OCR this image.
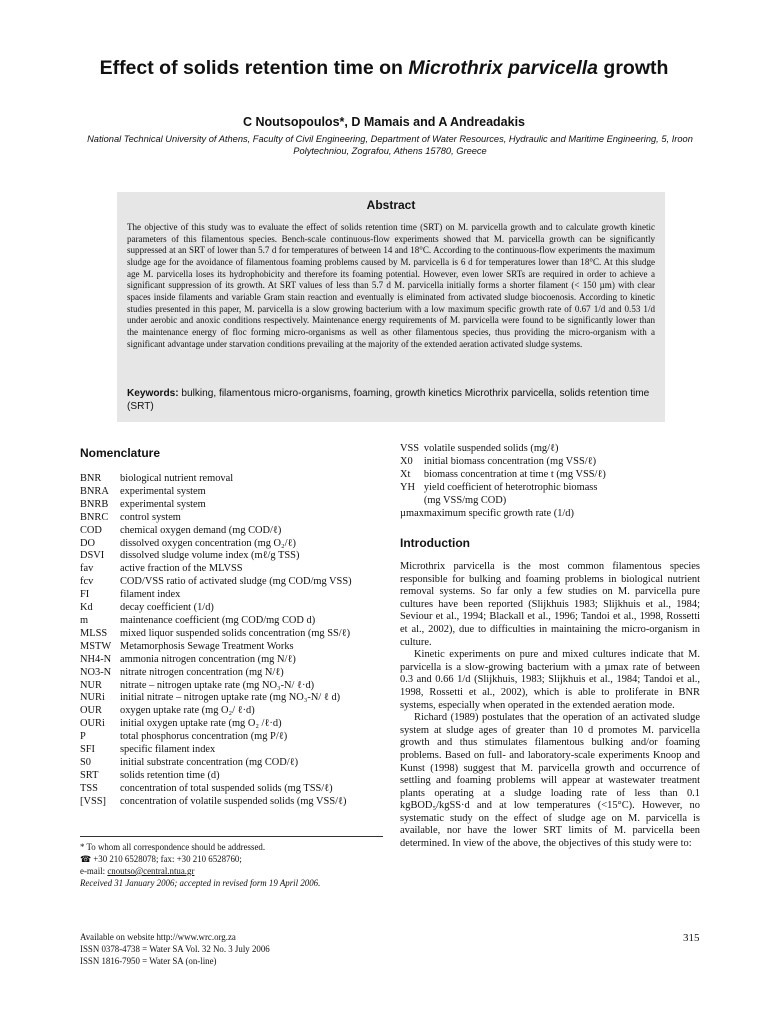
Effect of solids retention time on Microthrix parvicella growth
C Noutsopoulos*, D Mamais and A Andreadakis
National Technical University of Athens, Faculty of Civil Engineering, Department of Water Resources, Hydraulic and Maritime Engineering, 5, Iroon Polytechniou, Zografou, Athens 15780, Greece
Abstract
The objective of this study was to evaluate the effect of solids retention time (SRT) on M. parvicella growth and to calculate growth kinetic parameters of this filamentous species. Bench-scale continuous-flow experiments showed that M. parvicella growth can be significantly suppressed at an SRT of lower than 5.7 d for temperatures of between 14 and 18°C. According to the continuous-flow experiments the maximum sludge age for the avoidance of filamentous foaming problems caused by M. parvicella is 6 d for temperatures lower than 18°C. At this sludge age M. parvicella loses its hydrophobicity and therefore its foaming potential. However, even lower SRTs are required in order to achieve a significant suppression of its growth. At SRT values of less than 5.7 d M. parvicella initially forms a shorter filament (< 150 µm) with clear spaces inside filaments and variable Gram stain reaction and eventually is eliminated from activated sludge biocoenosis. According to kinetic studies presented in this paper, M. parvicella is a slow growing bacterium with a low maximum specific growth rate of 0.67 1/d and 0.53 1/d under aerobic and anoxic conditions respectively. Maintenance energy requirements of M. parvicella were found to be significantly lower than the maintenance energy of floc forming micro-organisms as well as other filamentous species, thus providing the micro-organism with a significant advantage under starvation conditions prevailing at the majority of the extended aeration activated sludge systems.
Keywords: bulking, filamentous micro-organisms, foaming, growth kinetics Microthrix parvicella, solids retention time (SRT)
Nomenclature
BNR	biological nutrient removal
BNRA	experimental system
BNRB	experimental system
BNRC	control system
COD	chemical oxygen demand (mg COD/ℓ)
DO	dissolved oxygen concentration (mg O₂/ℓ)
DSVI	dissolved sludge volume index (mℓ/g TSS)
fav	active fraction of the MLVSS
fcv	COD/VSS ratio of activated sludge (mg COD/mg VSS)
FI	filament index
Kd	decay coefficient (1/d)
m	maintenance coefficient (mg COD/mg COD d)
MLSS	mixed liquor suspended solids concentration (mg SS/ℓ)
MSTW	Metamorphosis Sewage Treatment Works
NH4-N	ammonia nitrogen concentration (mg N/ℓ)
NO3-N	nitrate nitrogen concentration (mg N/ℓ)
NUR	nitrate – nitrogen uptake rate (mg NO₃-N/ ℓ·d)
NURi	initial nitrate – nitrogen uptake rate (mg NO₃-N/ ℓ d)
OUR	oxygen uptake rate (mg O₂/ ℓ·d)
OURi	initial oxygen uptake rate (mg O₂ /ℓ·d)
P	total phosphorus concentration (mg P/ℓ)
SFI	specific filament index
S0	initial substrate concentration (mg COD/ℓ)
SRT	solids retention time (d)
TSS	concentration of total suspended solids (mg TSS/ℓ)
[VSS]	concentration of volatile suspended solids (mg VSS/ℓ)
VSS	volatile suspended solids (mg/ℓ)
X0	initial biomass concentration (mg VSS/ℓ)
Xt	biomass concentration at time t (mg VSS/ℓ)
YH	yield coefficient of heterotrophic biomass
	(mg VSS/mg COD)
µmax	maximum specific growth rate (1/d)
Introduction

Microthrix parvicella is the most common filamentous species responsible for bulking and foaming problems in biological nutrient removal systems. So far only a few studies on M. parvicella pure cultures have been reported (Slijkhuis 1983; Slijkhuis et al., 1984; Seviour et al., 1994; Blackall et al., 1996; Tandoi et al., 1998, Rossetti et al., 2002), due to difficulties in maintaining the micro-organism in culture.

Kinetic experiments on pure and mixed cultures indicate that M. parvicella is a slow-growing bacterium with a µmax rate of between 0.3 and 0.66 1/d (Slijkhuis, 1983; Slijkhuis et al., 1984; Tandoi et al., 1998, Rossetti et al., 2002), which is able to proliferate in BNR systems, especially when operated in the extended aeration mode.

Richard (1989) postulates that the operation of an activated sludge system at sludge ages of greater than 10 d promotes M. parvicella growth and thus stimulates filamentous bulking and/or foaming problems. Based on full- and laboratory-scale experiments Knoop and Kunst (1998) suggest that M. parvicella growth and occurrence of settling and foaming problems will appear at wastewater treatment plants operating at a sludge loading rate of less than 0.1 kgBOD₅/kgSS·d and at low temperatures (<15°C). However, no systematic study on the effect of sludge age on M. parvicella is available, nor have the lower SRT limits of M. parvicella been determined. In view of the above, the objectives of this study were to:

* To whom all correspondence should be addressed.
☎ +30 210 6528078; fax: +30 210 6528760;
e-mail: cnoutso@central.ntua.gr
Received 31 January 2006; accepted in revised form 19 April 2006.
Available on website http://www.wrc.org.za
ISSN 0378-4738 = Water SA Vol. 32 No. 3 July 2006
ISSN 1816-7950 = Water SA (on-line)
315
